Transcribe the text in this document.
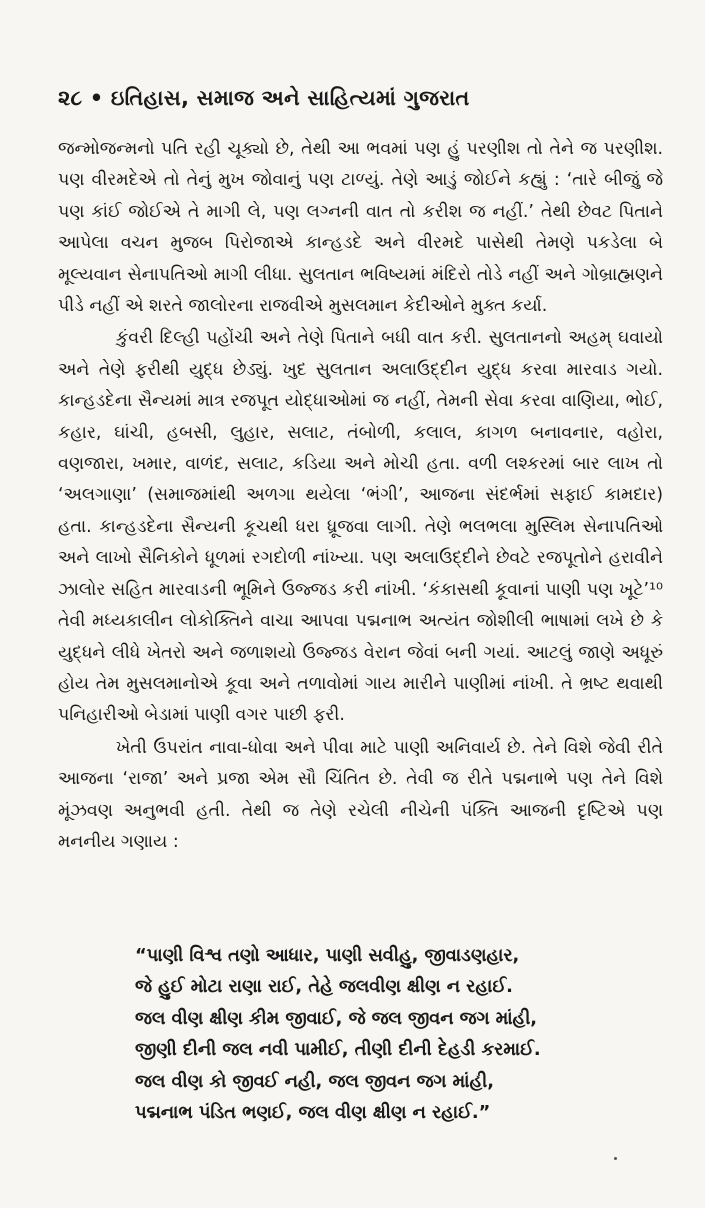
૨૮ • ઇતિહાસ, સમાજ અને સાહિત્યમાં ગુજરાત

જન્મોજન્મનો પતિ રહી ચૂક્યો છે, તેથી આ ભવમાં પણ હું પરણીશ તો તેને જ પરણીશ. પણ વીરમદેએ તો તેનું મુખ જોવાનું પણ ટાળ્યું. તેણે આડું જોઈને કહ્યું : ‘તારે બીજું જે પણ કાંઈ જોઈએ તે માગી લે, પણ લગ્નની વાત તો કરીશ જ નહીં.’ તેથી છેવટ પિતાને આપેલા વચન મુજબ પિરોજાએ કાન્હડદે અને વીરમદે પાસેથી તેમણે પકડેલા બે મૂલ્યવાન સેનાપતિઓ માગી લીધા. સુલતાન ભવિષ્યમાં મંદિરો તોડે નહીં અને ગોબ્રાહ્મણને પીડે નહીં એ શરતે જાલોરના રાજવીએ મુસલમાન કેદીઓને મુક્ત કર્યા.

કુંવરી દિલ્હી પહોંચી અને તેણે પિતાને બધી વાત કરી. સુલતાનનો અહમ્ ઘવાયો અને તેણે ફરીથી યુદ્ધ છેડ્યું. ખુદ સુલતાન અલાઉદ્દીન યુદ્ધ કરવા મારવાડ ગયો. કાન્હડદેના સૈન્યમાં માત્ર રજપૂત યોદ્ધાઓમાં જ નહીં, તેમની સેવા કરવા વાણિયા, ભોઈ, કહાર, ઘાંચી, હબસી, લુહાર, સલાટ, તંબોળી, કલાલ, કાગળ બનાવનાર, વહોરા, વણજારા, ખમાર, વાળંદ, સલાટ, કડિયા અને મોચી હતા. વળી લશ્કરમાં બાર લાખ તો ‘અલગાણા’ (સમાજમાંથી અળગા થયેલા ‘ભંગી’, આજના સંદર્ભમાં સફાઈ કામદાર) હતા. કાન્હડદેના સૈન્યની કૂચથી ધરા ધ્રૂજવા લાગી. તેણે ભલભલા મુસ્લિમ સેનાપતિઓ અને લાખો સૈનિકોને ધૂળમાં રગદોળી નાંખ્યા. પણ અલાઉદ્દીને છેવટે રજપૂતોને હરાવીને ઝાલોર સહિત મારવાડની ભૂમિને ઉજ્જડ કરી નાંખી. ‘કંકાસથી કૂવાનાં પાણી પણ ખૂટે’¹⁰ તેવી મધ્યકાલીન લોકોક્તિને વાચા આપવા પદ્મનાભ અત્યંત જોશીલી ભાષામાં લખે છે કે યુદ્ધને લીધે ખેતરો અને જળાશયો ઉજ્જડ વેરાન જેવાં બની ગયાં. આટલું જાણે અધૂરું હોય તેમ મુસલમાનોએ કૂવા અને તળાવોમાં ગાય મારીને પાણીમાં નાંખી. તે ભ્રષ્ટ થવાથી પનિહારીઓ બેડામાં પાણી વગર પાછી ફરી.

ખેતી ઉપરાંત નાવા-ધોવા અને પીવા માટે પાણી અનિવાર્ય છે. તેને વિશે જેવી રીતે આજના ‘રાજા’ અને પ્રજા એમ સૌ ચિંતિત છે. તેવી જ રીતે પદ્મનાભે પણ તેને વિશે મૂંઝવણ અનુભવી હતી. તેથી જ તેણે રચેલી નીચેની પંક્તિ આજની દૃષ્ટિએ પણ મનનીય ગણાય :

“પાણી વિશ્વ તણો આધાર, પાણી સવીહુ, જીવાડણહાર,
જે હુઈ મોટા રાણા રાઈ, તેહે જલવીણ ક્ષીણ ન રહાઈ.
જલ વીણ ક્ષીણ કીમ જીવાઈ, જે જલ જીવન જગ માંહી,
જીણી દીની જલ નવી પામીઈ, તીણી દીની દેહડી કરમાઈ.
જલ વીણ કો જીવઈ નહી, જલ જીવન જગ માંહી,
પદ્મનાભ પંડિત ભણઈ, જલ વીણ ક્ષીણ ન રહાઈ.”
